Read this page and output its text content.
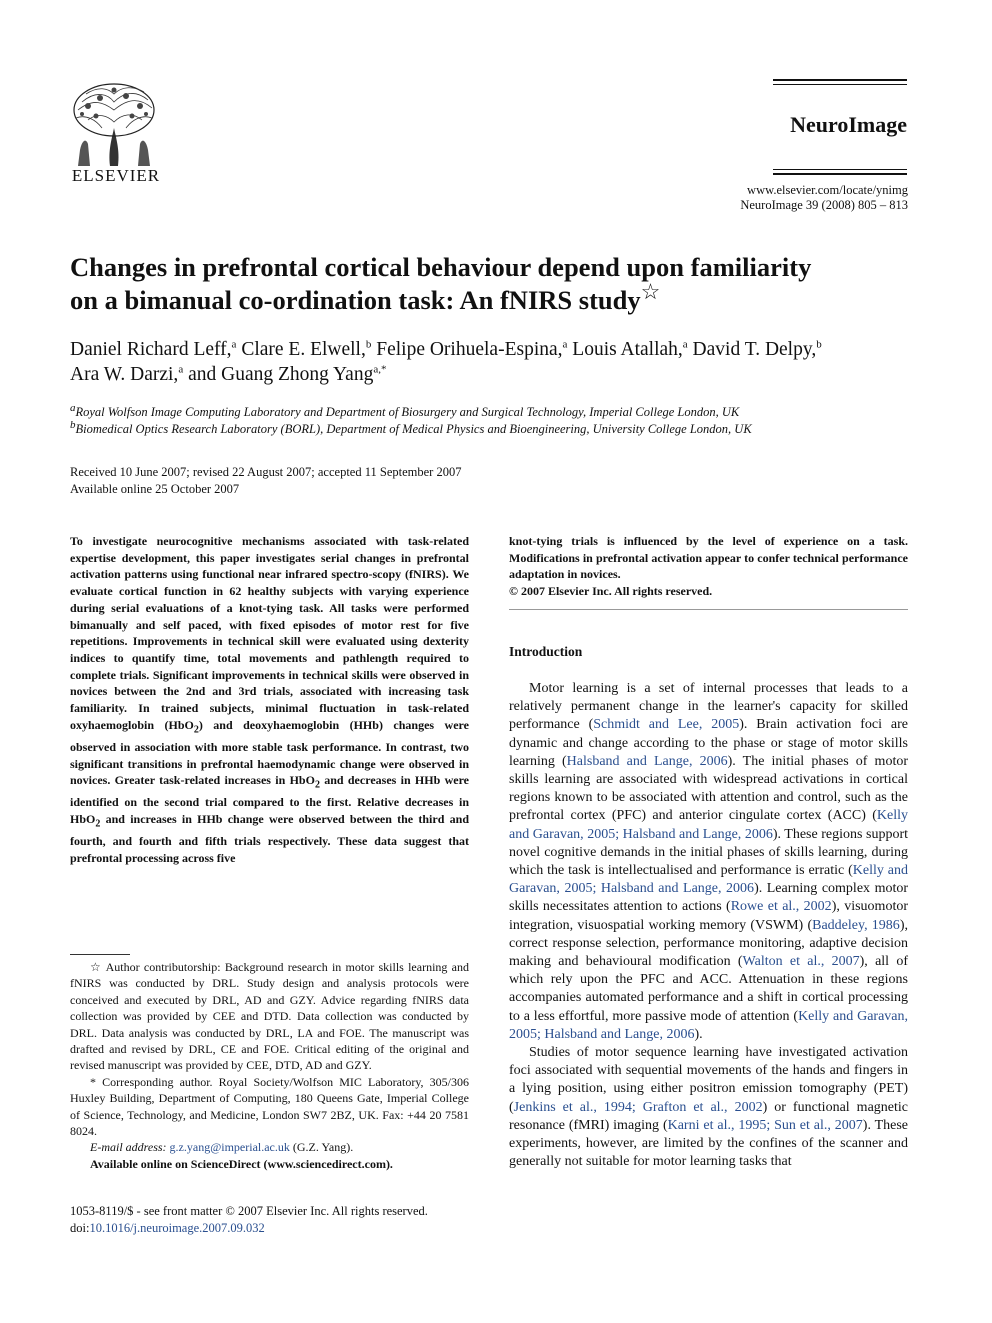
ELSEVIER
NeuroImage
www.elsevier.com/locate/ynimg
NeuroImage 39 (2008) 805 – 813
Changes in prefrontal cortical behaviour depend upon familiarity
on a bimanual co-ordination task: An fNIRS study☆
Daniel Richard Leff,$^a$ Clare E. Elwell,$^b$ Felipe Orihuela-Espina,$^a$ Louis Atallah,$^a$ David T. Delpy,$^b$
Ara W. Darzi,$^a$ and Guang Zhong Yang$^{a,*}$
$^a$Royal Wolfson Image Computing Laboratory and Department of Biosurgery and Surgical Technology, Imperial College London, UK
$^b$Biomedical Optics Research Laboratory (BORL), Department of Medical Physics and Bioengineering, University College London, UK
Received 10 June 2007; revised 22 August 2007; accepted 11 September 2007
Available online 25 October 2007
To investigate neurocognitive mechanisms associated with task-related expertise development, this paper investigates serial changes in prefrontal activation patterns using functional near infrared spectro-scopy (fNIRS). We evaluate cortical function in 62 healthy subjects with varying experience during serial evaluations of a knot-tying task. All tasks were performed bimanually and self paced, with fixed episodes of motor rest for five repetitions. Improvements in technical skill were evaluated using dexterity indices to quantify time, total movements and pathlength required to complete trials. Significant improvements in technical skills were observed in novices between the 2nd and 3rd trials, associated with increasing task familiarity. In trained subjects, minimal fluctuation in task-related oxyhaemoglobin (HbO$_2$) and deoxyhaemoglobin (HHb) changes were observed in association with more stable task performance. In contrast, two significant transitions in prefrontal haemodynamic change were observed in novices. Greater task-related increases in HbO$_2$ and decreases in HHb were identified on the second trial compared to the first. Relative decreases in HbO$_2$ and increases in HHb change were observed between the third and fourth, and fourth and fifth trials respectively. These data suggest that prefrontal processing across five
knot-tying trials is influenced by the level of experience on a task. Modifications in prefrontal activation appear to confer technical performance adaptation in novices.
© 2007 Elsevier Inc. All rights reserved.
Introduction

Motor learning is a set of internal processes that leads to a relatively permanent change in the learner's capacity for skilled performance (Schmidt and Lee, 2005). Brain activation foci are dynamic and change according to the phase or stage of motor skills learning (Halsband and Lange, 2006). The initial phases of motor skills learning are associated with widespread activations in cortical regions known to be associated with attention and control, such as the prefrontal cortex (PFC) and anterior cingulate cortex (ACC) (Kelly and Garavan, 2005; Halsband and Lange, 2006). These regions support novel cognitive demands in the initial phases of skills learning, during which the task is intellectualised and performance is erratic (Kelly and Garavan, 2005; Halsband and Lange, 2006). Learning complex motor skills necessitates attention to actions (Rowe et al., 2002), visuomotor integration, visuospatial working memory (VSWM) (Baddeley, 1986), correct response selection, performance monitoring, adaptive decision making and behavioural modification (Walton et al., 2007), all of which rely upon the PFC and ACC. Attenuation in these regions accompanies automated performance and a shift in cortical processing to a less effortful, more passive mode of attention (Kelly and Garavan, 2005; Halsband and Lange, 2006).

Studies of motor sequence learning have investigated activation foci associated with sequential movements of the hands and fingers in a lying position, using either positron emission tomography (PET) (Jenkins et al., 1994; Grafton et al., 2002) or functional magnetic resonance (fMRI) imaging (Karni et al., 1995; Sun et al., 2007). These experiments, however, are limited by the confines of the scanner and generally not suitable for motor learning tasks that

☆ Author contributorship: Background research in motor skills learning and fNIRS was conducted by DRL. Study design and analysis protocols were conceived and executed by DRL, AD and GZY. Advice regarding fNIRS data collection was provided by CEE and DTD. Data collection was conducted by DRL. Data analysis was conducted by DRL, LA and FOE. The manuscript was drafted and revised by DRL, CE and FOE. Critical editing of the original and revised manuscript was provided by CEE, DTD, AD and GZY.

* Corresponding author. Royal Society/Wolfson MIC Laboratory, 305/306 Huxley Building, Department of Computing, 180 Queens Gate, Imperial College of Science, Technology, and Medicine, London SW7 2BZ, UK. Fax: +44 20 7581 8024.

E-mail address: g.z.yang@imperial.ac.uk (G.Z. Yang).

Available online on ScienceDirect (www.sciencedirect.com).

1053-8119/$ - see front matter © 2007 Elsevier Inc. All rights reserved.
doi:10.1016/j.neuroimage.2007.09.032
